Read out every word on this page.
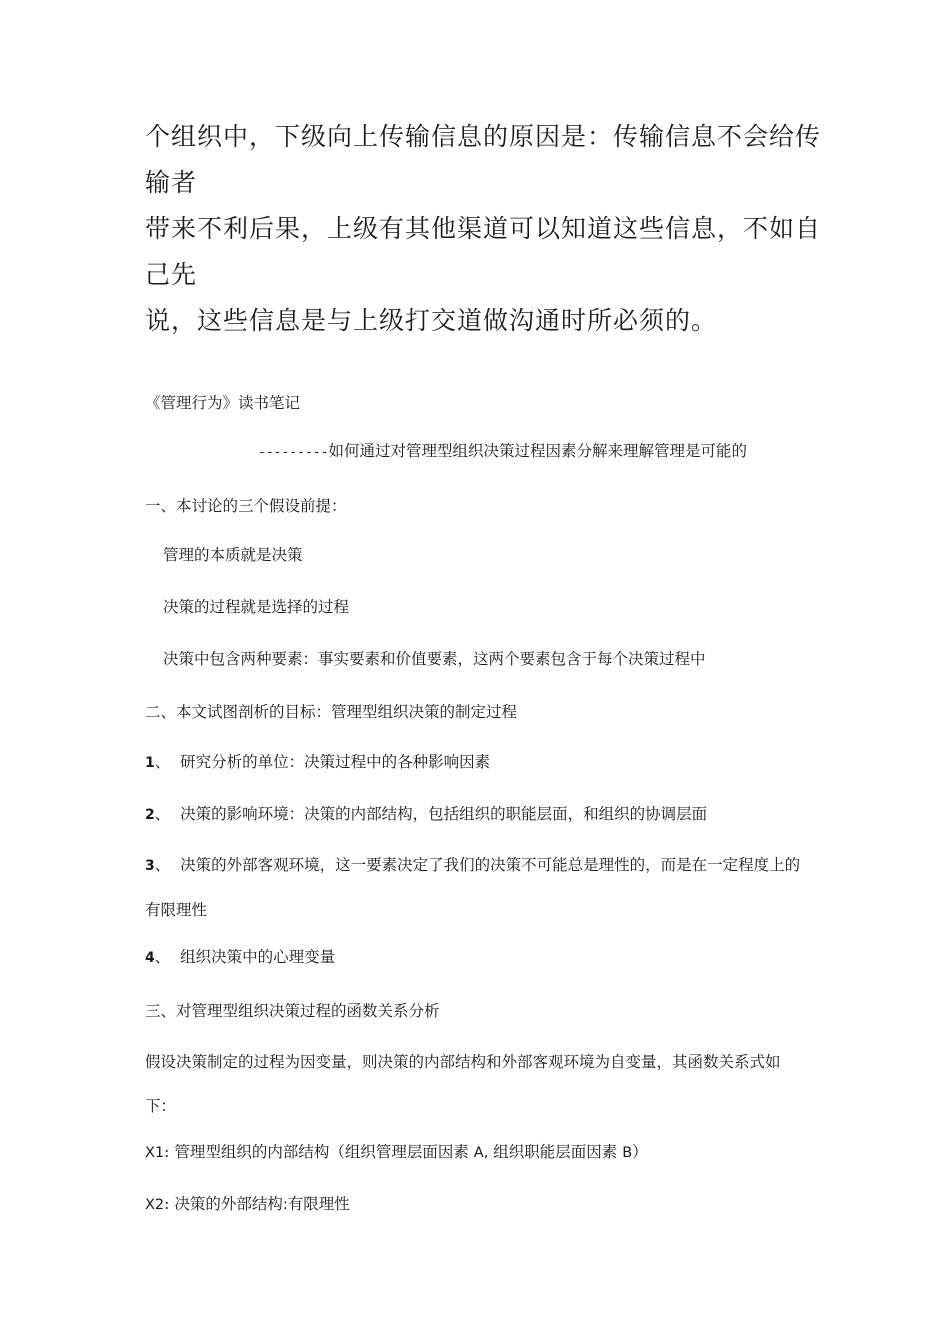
个组织中，下级向上传输信息的原因是：传输信息不会给传输者

带来不利后果，上级有其他渠道可以知道这些信息，不如自己先

说，这些信息是与上级打交道做沟通时所必须的。

《管理行为》读书笔记
---------如何通过对管理型组织决策过程因素分解来理解管理是可能的
一、本讨论的三个假设前提：
管理的本质就是决策
决策的过程就是选择的过程
决策中包含两种要素：事实要素和价值要素，这两个要素包含于每个决策过程中
二、本文试图剖析的目标：管理型组织决策的制定过程
1、 研究分析的单位：决策过程中的各种影响因素
2、 决策的影响环境：决策的内部结构，包括组织的职能层面，和组织的协调层面
3、 决策的外部客观环境，这一要素决定了我们的决策不可能总是理性的，而是在一定程度上的有限理性
4、 组织决策中的心理变量
三、对管理型组织决策过程的函数关系分析
假设决策制定的过程为因变量，则决策的内部结构和外部客观环境为自变量，其函数关系式如下：
X1: 管理型组织的内部结构（组织管理层面因素 A, 组织职能层面因素 B）
X2: 决策的外部结构:有限理性
